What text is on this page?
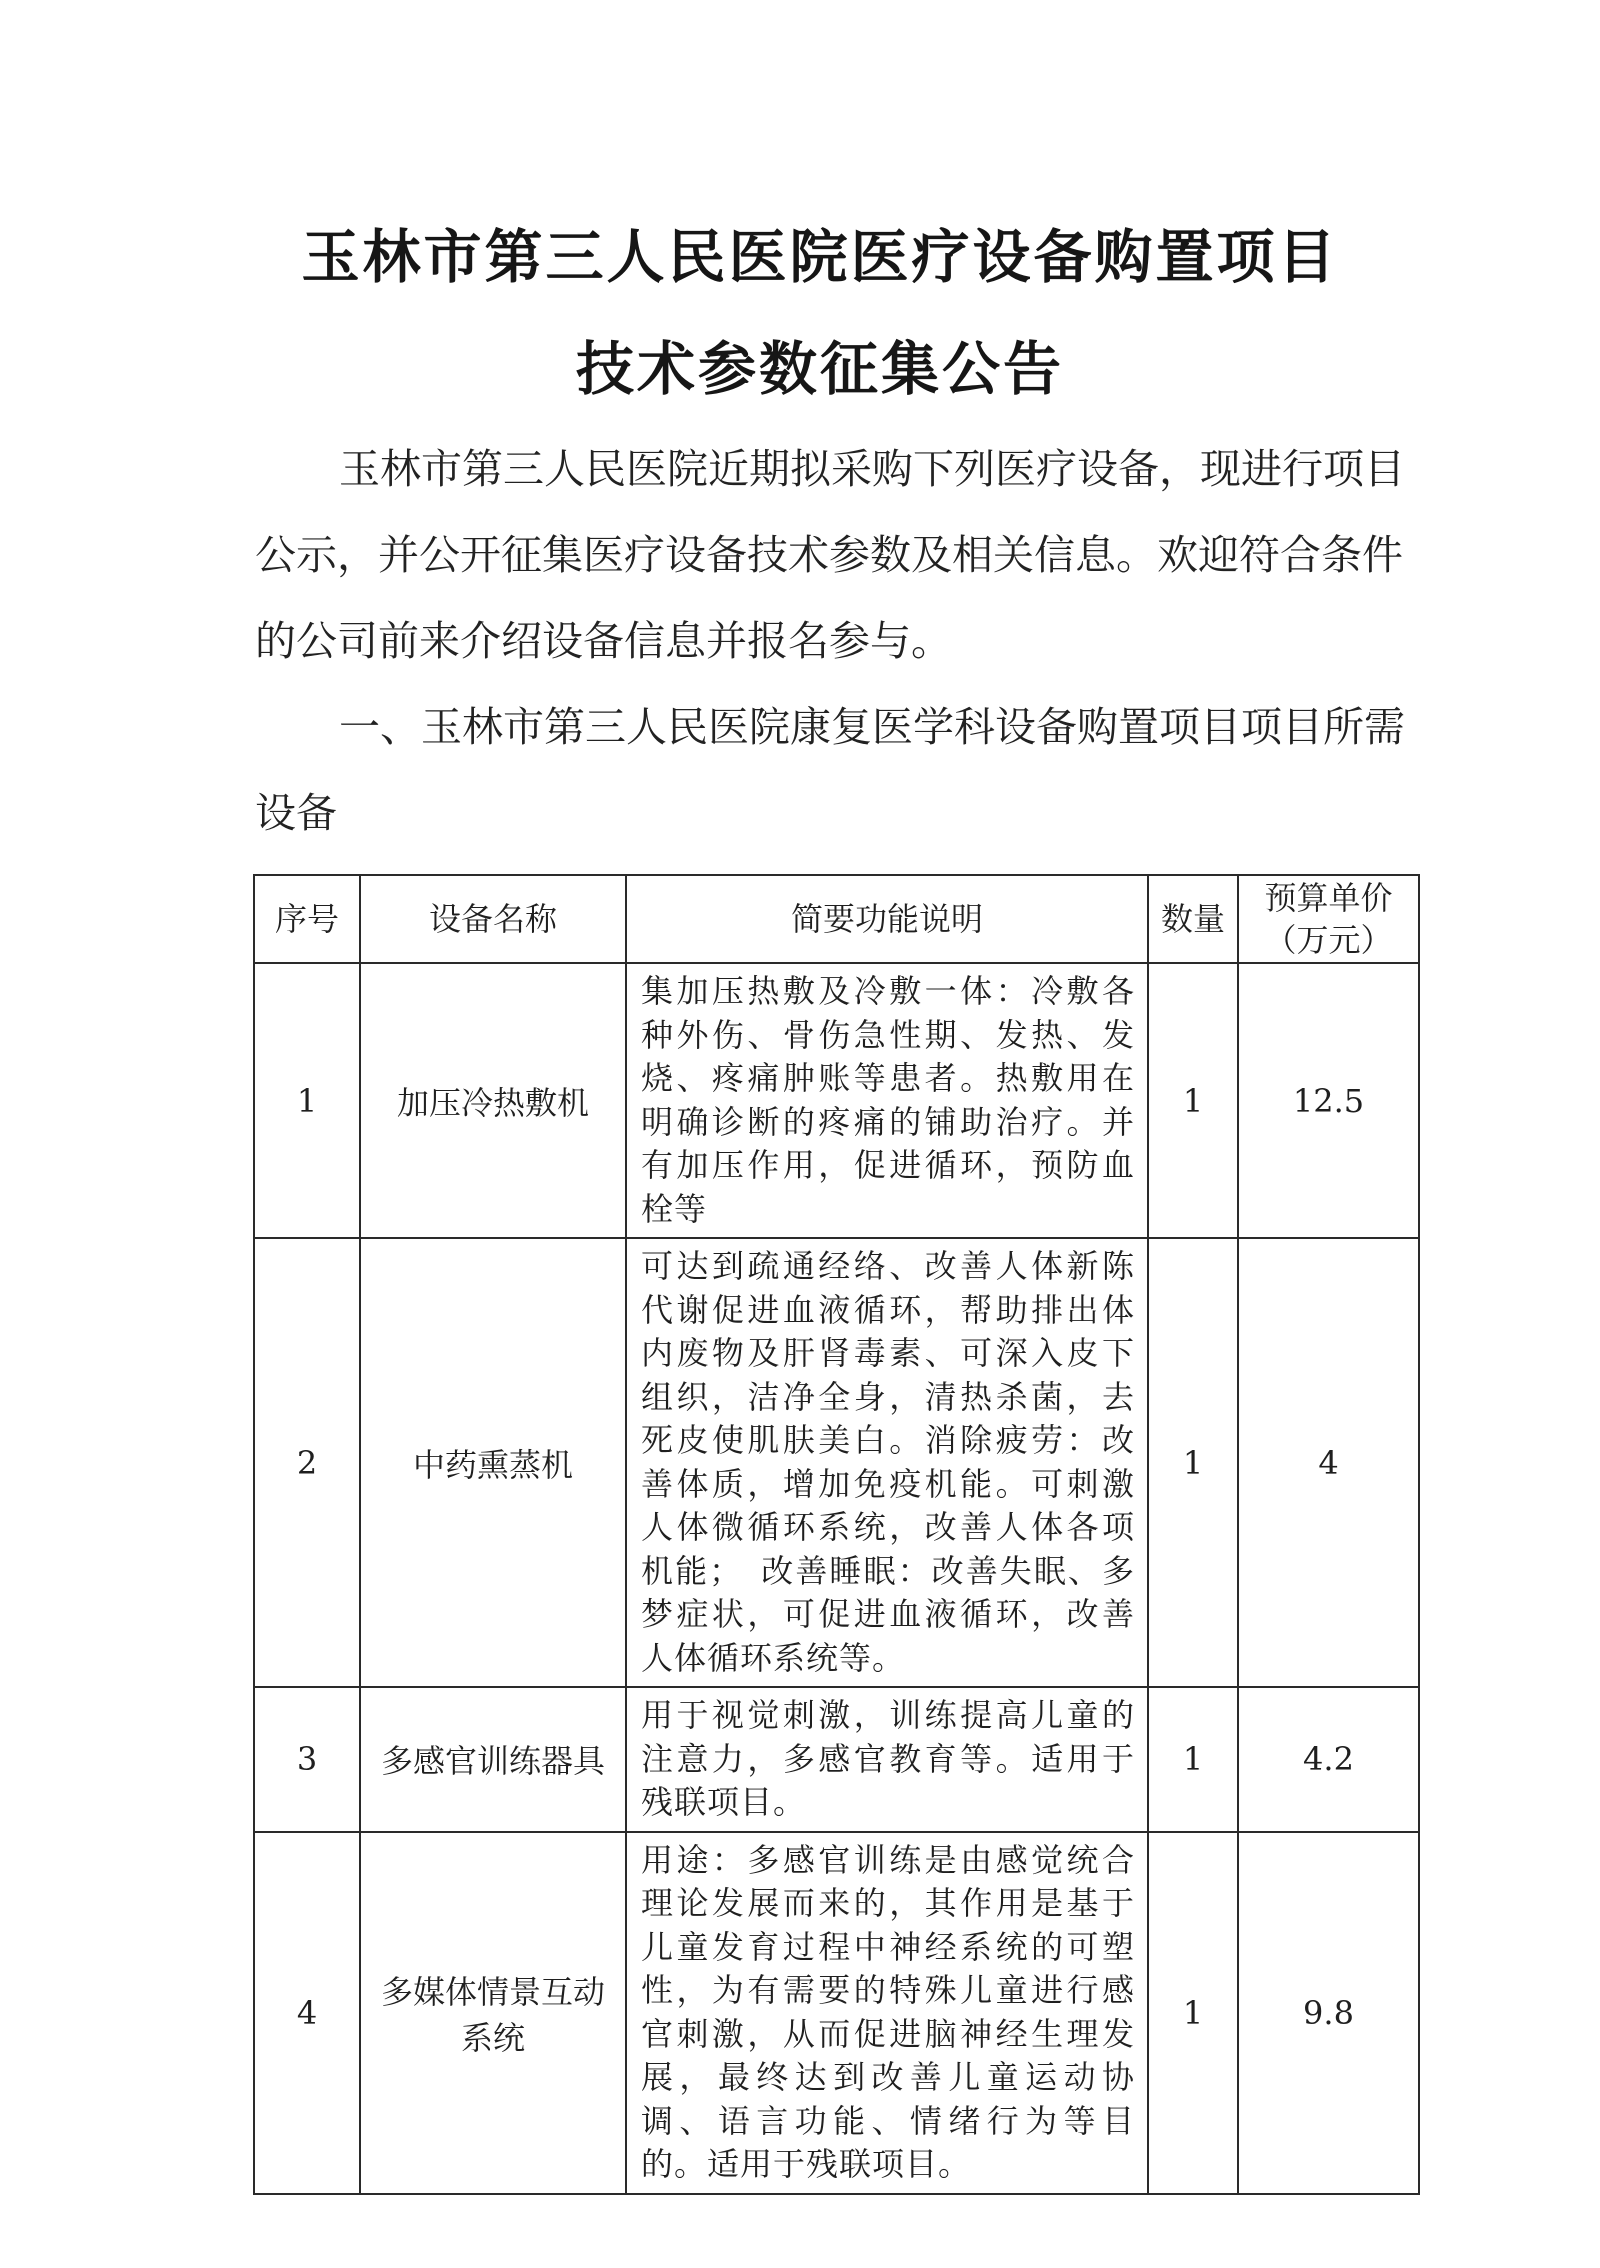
玉林市第三人民医院医疗设备购置项目
技术参数征集公告
玉林市第三人民医院近期拟采购下列医疗设备，现进行项目公示，并公开征集医疗设备技术参数及相关信息。欢迎符合条件的公司前来介绍设备信息并报名参与。
一、玉林市第三人民医院康复医学科设备购置项目项目所需设备
序号	设备名称	简要功能说明	数量	预算单价（万元）
1	加压冷热敷机	集加压热敷及冷敷一体：冷敷各种外伤、骨伤急性期、发热、发烧、疼痛肿账等患者。热敷用在明确诊断的疼痛的铺助治疗。并有加压作用，促进循环，预防血栓等	1	12.5
2	中药熏蒸机	可达到疏通经络、改善人体新陈代谢促进血液循环，帮助排出体内废物及肝肾毒素、可深入皮下组织，洁净全身，清热杀菌，去死皮使肌肤美白。消除疲劳：改善体质，增加免疫机能。可刺激人体微循环系统，改善人体各项机能；　改善睡眠：改善失眠、多梦症状，可促进血液循环，改善人体循环系统等。	1	4
3	多感官训练器具	用于视觉刺激，训练提高儿童的注意力，多感官教育等。适用于残联项目。	1	4.2
4	多媒体情景互动系统	用途：多感官训练是由感觉统合理论发展而来的，其作用是基于儿童发育过程中神经系统的可塑性，为有需要的特殊儿童进行感官刺激，从而促进脑神经生理发展，最终达到改善儿童运动协调、语言功能、情绪行为等目的。适用于残联项目。	1	9.8
